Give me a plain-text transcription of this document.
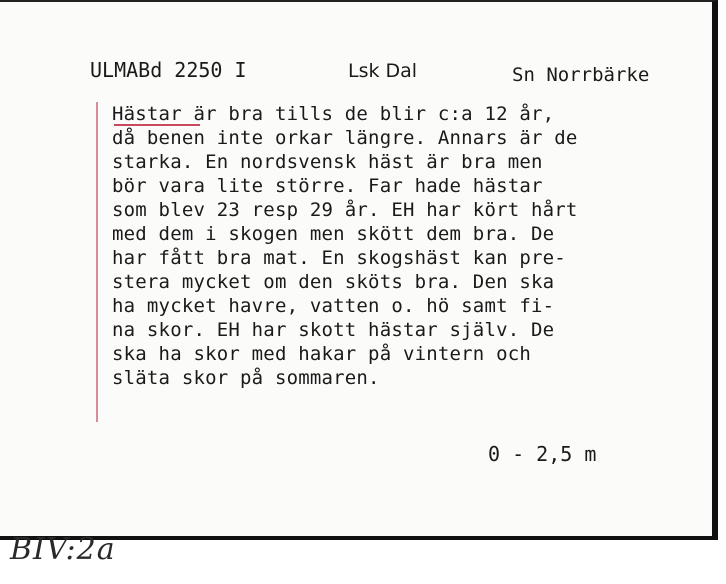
ULMABd 2250 I	Lsk Dal	Sn Norrbärke
Hästar är bra tills de blir c:a 12 år,
då benen inte orkar längre. Annars är de
starka. En nordsvensk häst är bra men
bör vara lite större. Far hade hästar
som blev 23 resp 29 år. EH har kört hårt
med dem i skogen men skött dem bra. De
har fått bra mat. En skogshäst kan pre-
stera mycket om den sköts bra. Den ska
ha mycket havre, vatten o. hö samt fi-
na skor. EH har skott hästar själv. De
ska ha skor med hakar på vintern och
släta skor på sommaren.
0 - 2,5 m
BIV:2a
